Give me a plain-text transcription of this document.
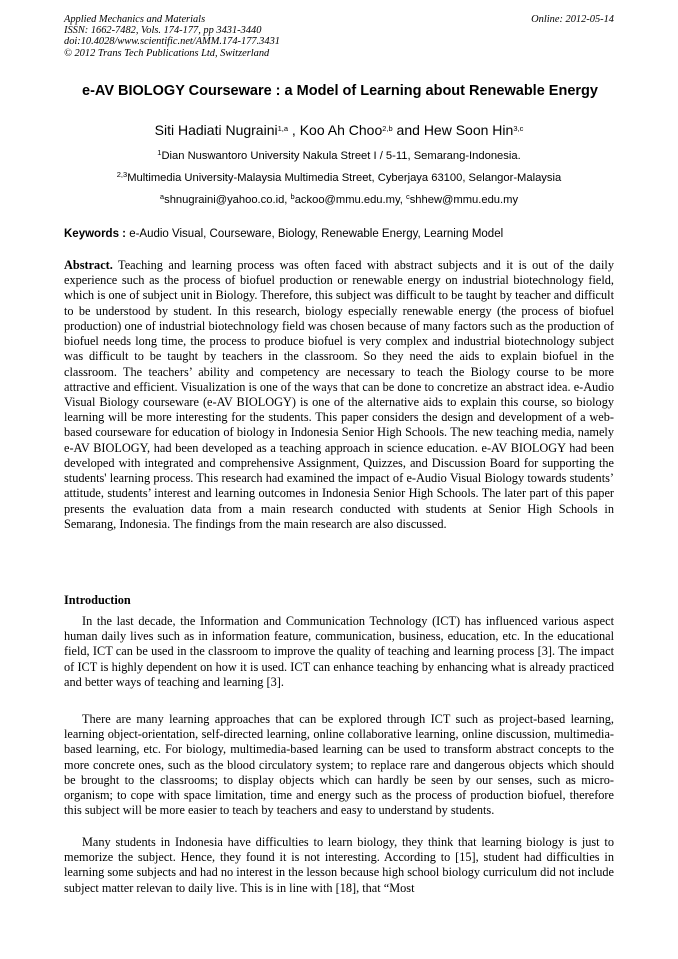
Applied Mechanics and Materials
ISSN: 1662-7482, Vols. 174-177, pp 3431-3440
doi:10.4028/www.scientific.net/AMM.174-177.3431
© 2012 Trans Tech Publications Ltd, Switzerland
Online: 2012-05-14
e-AV BIOLOGY Courseware : a Model of Learning about Renewable Energy
Siti Hadiati Nugraini$^{1,a}$ , Koo Ah Choo$^{2,b}$ and Hew Soon Hin$^{3,c}$
$^1$Dian Nuswantoro University Nakula Street I / 5-11, Semarang-Indonesia.
$^{2,3}$Multimedia University-Malaysia Multimedia Street, Cyberjaya 63100, Selangor-Malaysia
$^a$shnugraini@yahoo.co.id, $^b$ackoo@mmu.edu.my, $^c$shhew@mmu.edu.my
Keywords : e-Audio Visual, Courseware, Biology, Renewable Energy, Learning Model
Abstract. Teaching and learning process was often faced with abstract subjects and it is out of the daily experience such as the process of biofuel production or renewable energy on industrial biotechnology field, which is one of subject unit in Biology. Therefore, this subject was difficult to be taught by teacher and difficult to be understood by student. In this research, biology especially renewable energy (the process of biofuel production) one of industrial biotechnology field was chosen because of many factors such as the production of biofuel needs long time, the process to produce biofuel is very complex and industrial biotechnology subject was difficult to be taught by teachers in the classroom. So they need the aids to explain biofuel in the classroom. The teachers’ ability and competency are necessary to teach the Biology course to be more attractive and efficient. Visualization is one of the ways that can be done to concretize an abstract idea. e-Audio Visual Biology courseware (e-AV BIOLOGY) is one of the alternative aids to explain this course, so biology learning will be more interesting for the students. This paper considers the design and development of a web-based courseware for education of biology in Indonesia Senior High Schools. The new teaching media, namely e-AV BIOLOGY, had been developed as a teaching approach in science education. e-AV BIOLOGY had been developed with integrated and comprehensive Assignment, Quizzes, and Discussion Board for supporting the students' learning process. This research had examined the impact of e-Audio Visual Biology towards students’ attitude, students’ interest and learning outcomes in Indonesia Senior High Schools. The later part of this paper presents the evaluation data from a main research conducted with students at Senior High Schools in Semarang, Indonesia. The findings from the main research are also discussed.
Introduction
In the last decade, the Information and Communication Technology (ICT) has influenced various aspect human daily lives such as in information feature, communication, business, education, etc. In the educational field, ICT can be used in the classroom to improve the quality of teaching and learning process [3]. The impact of ICT is highly dependent on how it is used. ICT can enhance teaching by enhancing what is already practiced and better ways of teaching and learning [3].
There are many learning approaches that can be explored through ICT such as project-based learning, learning object-orientation, self-directed learning, online collaborative learning, online discussion, multimedia-based learning, etc. For biology, multimedia-based learning can be used to transform abstract concepts to the more concrete ones, such as the blood circulatory system; to replace rare and dangerous objects which should be brought to the classrooms; to display objects which can hardly be seen by our senses, such as micro-organism; to cope with space limitation, time and energy such as the process of production biofuel, therefore this subject will be more easier to teach by teachers and easy to understand by students.
Many students in Indonesia have difficulties to learn biology, they think that learning biology is just to memorize the subject. Hence, they found it is not interesting. According to [15], student had difficulties in learning some subjects and had no interest in the lesson because high school biology curriculum did not include subject matter relevan to daily live. This is in line with [18], that “Most
